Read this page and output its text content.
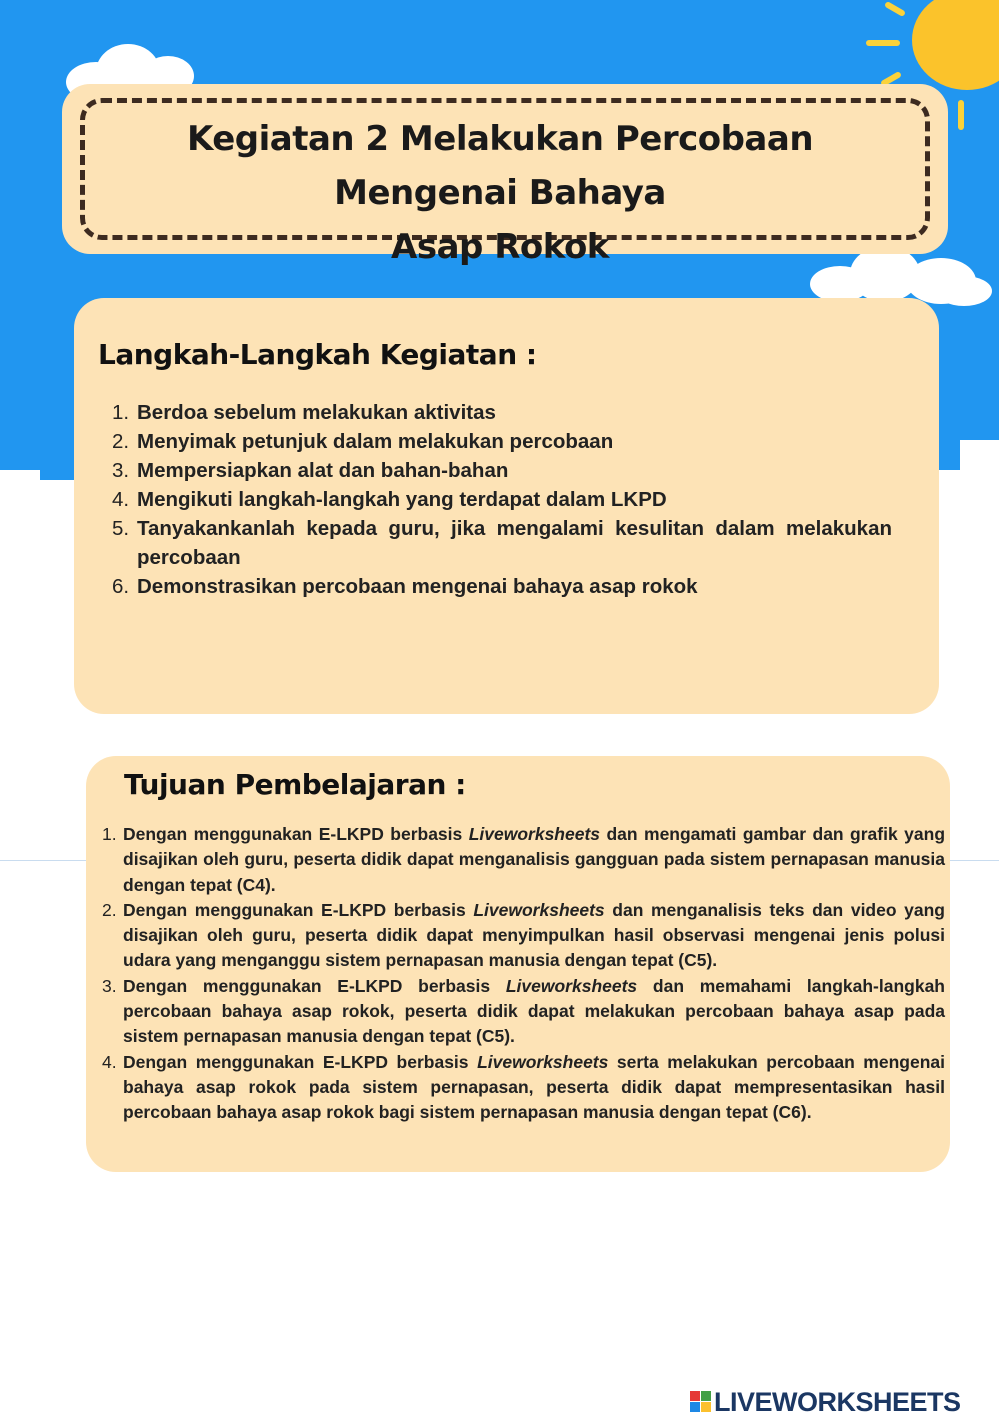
Kegiatan 2 Melakukan Percobaan Mengenai Bahaya
Asap Rokok
Langkah-Langkah Kegiatan :
1. Berdoa sebelum melakukan aktivitas
2. Menyimak petunjuk dalam melakukan percobaan
3. Mempersiapkan alat dan bahan-bahan
4. Mengikuti langkah-langkah yang terdapat dalam LKPD
5. Tanyakankanlah kepada guru, jika mengalami kesulitan dalam melakukan percobaan
6. Demonstrasikan percobaan mengenai bahaya asap rokok
Tujuan Pembelajaran :
1. Dengan menggunakan E-LKPD berbasis Liveworksheets dan mengamati gambar dan grafik yang disajikan oleh guru, peserta didik dapat menganalisis gangguan pada sistem pernapasan manusia dengan tepat (C4).
2. Dengan menggunakan E-LKPD berbasis Liveworksheets dan menganalisis teks dan video yang disajikan oleh guru, peserta didik dapat menyimpulkan hasil observasi mengenai jenis polusi udara yang menganggu sistem pernapasan manusia dengan tepat (C5).
3. Dengan menggunakan E-LKPD berbasis Liveworksheets dan memahami langkah-langkah percobaan bahaya asap rokok, peserta didik dapat melakukan percobaan bahaya asap pada sistem pernapasan manusia dengan tepat (C5).
4. Dengan menggunakan E-LKPD berbasis Liveworksheets serta melakukan percobaan mengenai bahaya asap rokok pada sistem pernapasan, peserta didik dapat mempresentasikan hasil percobaan bahaya asap rokok bagi sistem pernapasan manusia dengan tepat (C6).
LIVEWORKSHEETS
